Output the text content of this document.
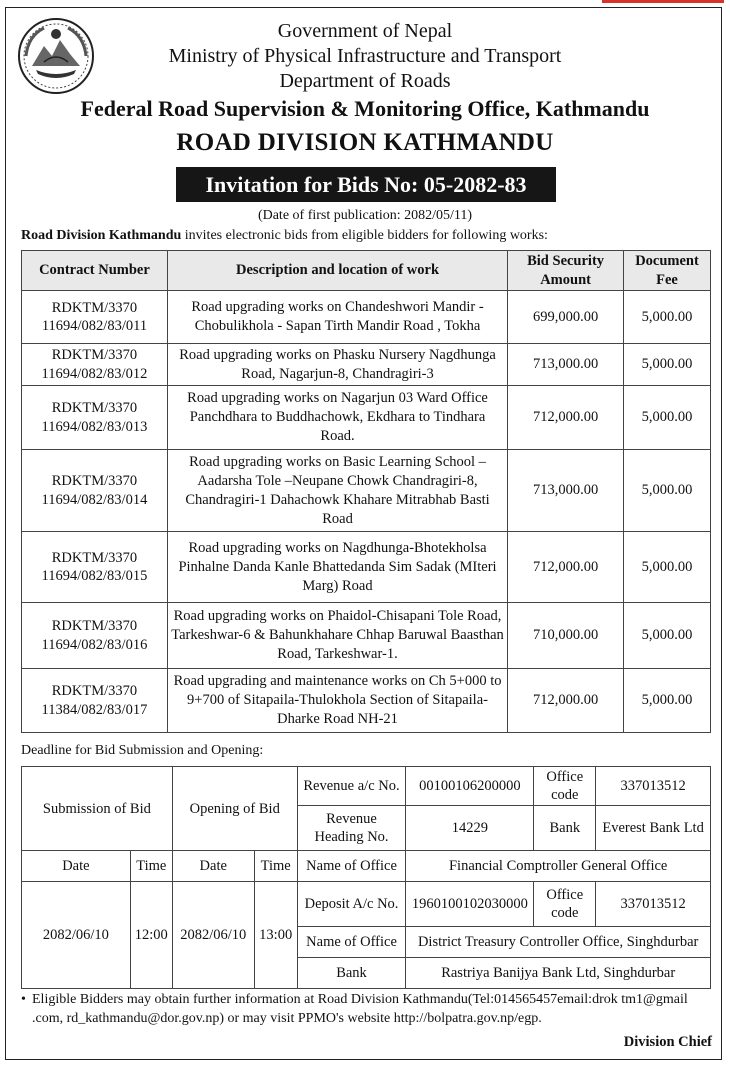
Government of Nepal
Ministry of Physical Infrastructure and Transport
Department of Roads
Federal Road Supervision & Monitoring Office, Kathmandu
ROAD DIVISION KATHMANDU
Invitation for Bids No: 05-2082-83
(Date of first publication: 2082/05/11)
Road Division Kathmandu invites electronic bids from eligible bidders for following works:
Contract Number	Description and location of work	Bid Security Amount	Document Fee

RDKTM/3370
11694/082/83/011	Road upgrading works on Chandeshwori Mandir - Chobulikhola - Sapan Tirth Mandir Road , Tokha	699,000.00	5,000.00

RDKTM/3370
11694/082/83/012	Road upgrading works on Phasku Nursery Nagdhunga Road, Nagarjun-8, Chandragiri-3	713,000.00	5,000.00

RDKTM/3370
11694/082/83/013	Road upgrading works on Nagarjun 03 Ward Office Panchdhara to Buddhachowk, Ekdhara to Tindhara Road.	712,000.00	5,000.00

RDKTM/3370
11694/082/83/014	Road upgrading works on Basic Learning School –Aadarsha Tole –Neupane Chowk Chandragiri-8, Chandragiri-1 Dahachowk Khahare Mitrabhab Basti Road	713,000.00	5,000.00

RDKTM/3370
11694/082/83/015	Road upgrading works on Nagdhunga-Bhotekholsa Pinhalne Danda Kanle Bhattedanda Sim Sadak (MIteri Marg) Road	712,000.00	5,000.00

RDKTM/3370
11694/082/83/016	Road upgrading works on Phaidol-Chisapani Tole Road, Tarkeshwar-6 & Bahunkhahare Chhap Baruwal Baasthan Road, Tarkeshwar-1.	710,000.00	5,000.00

RDKTM/3370
11384/082/83/017	Road upgrading and maintenance works on Ch 5+000 to 9+700 of Sitapaila-Thulokhola Section of Sitapaila-Dharke Road NH-21	712,000.00	5,000.00
Deadline for Bid Submission and Opening:
Submission of Bid		Opening of Bid		Revenue a/c No.	00100106200000	Office code	337013512
				Revenue Heading No.	14229	Bank	Everest Bank Ltd
Date	Time	Date	Time	Name of Office	Financial Comptroller General Office		
2082/06/10	12:00	2082/06/10	13:00	Deposit A/c No.	1960100102030000	Office code	337013512
				Name of Office	District Treasury Controller Office, Singhdurbar		
				Bank	Rastriya Banijya Bank Ltd, Singhdurbar		
• Eligible Bidders may obtain further information at Road Division Kathmandu(Tel:014565457email:drok tm1@gmail .com, rd_kathmandu@dor.gov.np) or may visit PPMO's website http://bolpatra.gov.np/egp.
Division Chief
